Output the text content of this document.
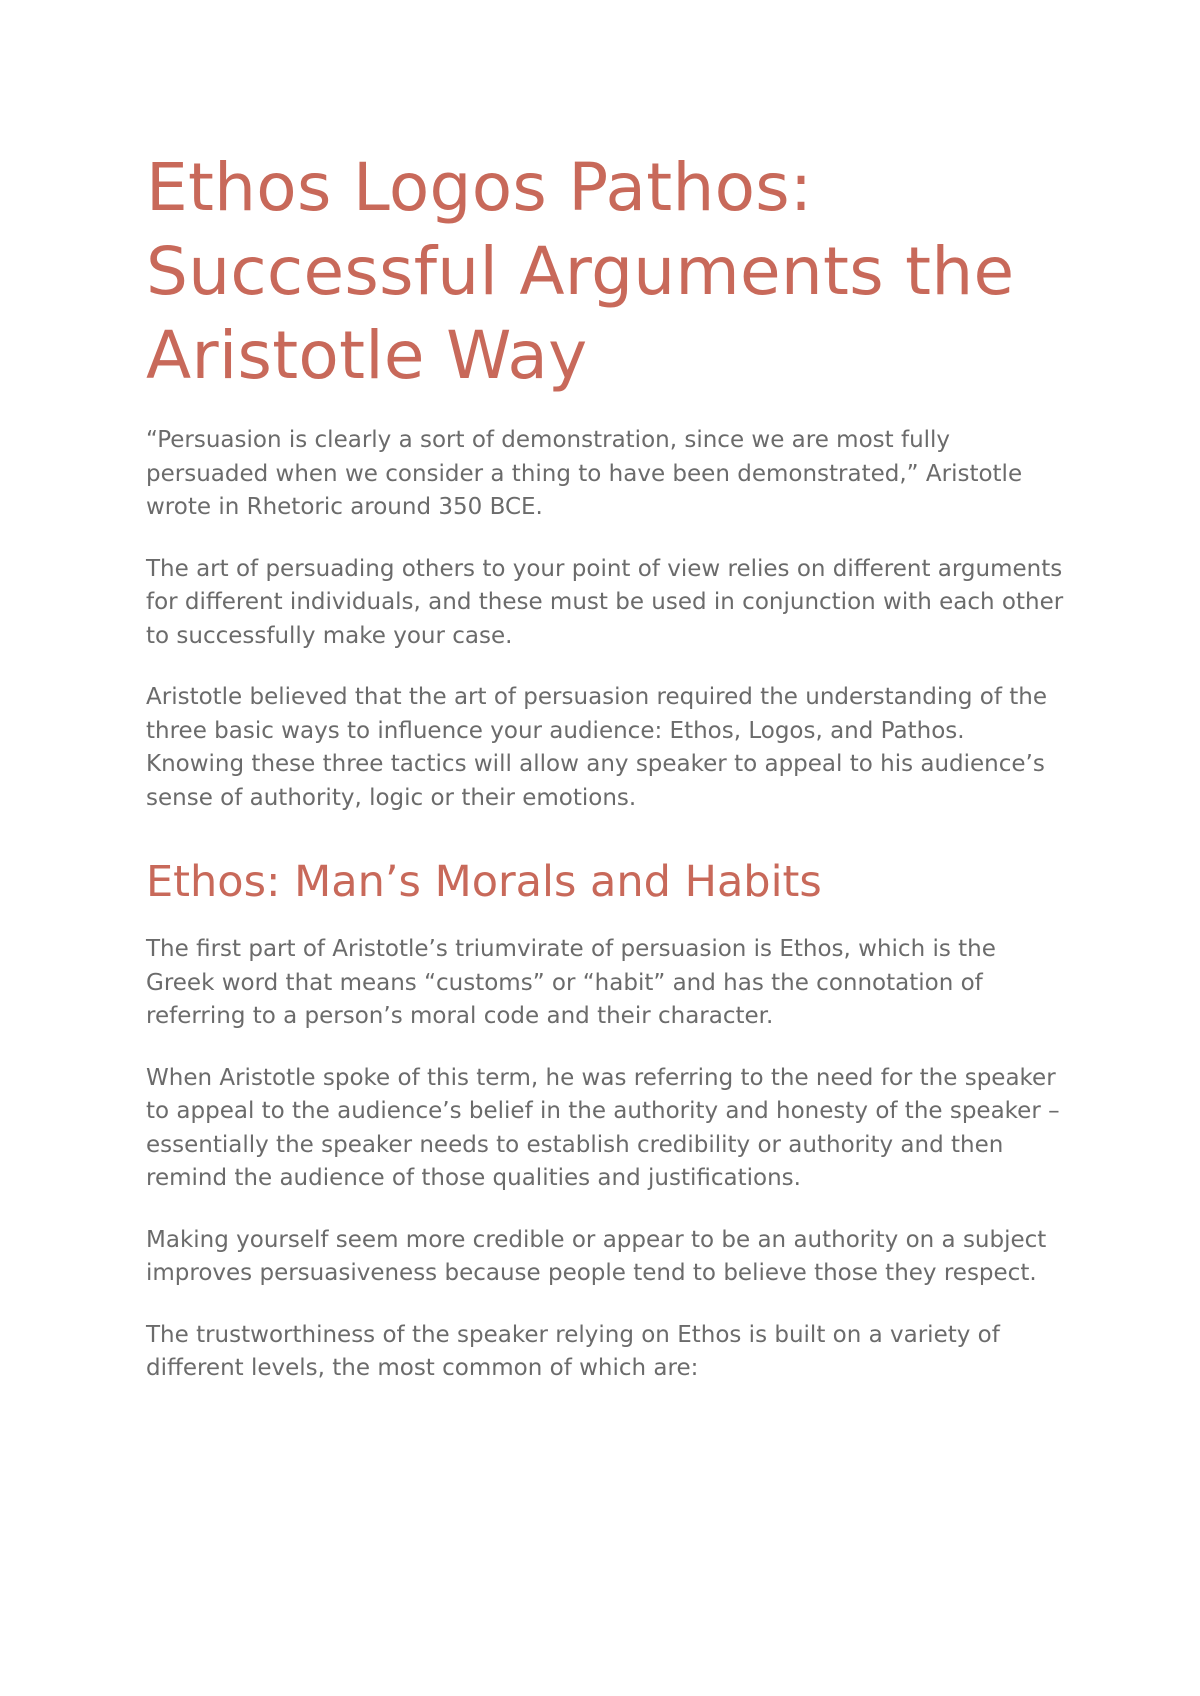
Ethos Logos Pathos: Successful Arguments the Aristotle Way

“Persuasion is clearly a sort of demonstration, since we are most fully persuaded when we consider a thing to have been demonstrated,” Aristotle wrote in Rhetoric around 350 BCE.

The art of persuading others to your point of view relies on different arguments for different individuals, and these must be used in conjunction with each other to successfully make your case.

Aristotle believed that the art of persuasion required the understanding of the three basic ways to influence your audience: Ethos, Logos, and Pathos. Knowing these three tactics will allow any speaker to appeal to his audience’s sense of authority, logic or their emotions.

Ethos: Man’s Morals and Habits

The first part of Aristotle’s triumvirate of persuasion is Ethos, which is the Greek word that means “customs” or “habit” and has the connotation of referring to a person’s moral code and their character.

When Aristotle spoke of this term, he was referring to the need for the speaker to appeal to the audience’s belief in the authority and honesty of the speaker – essentially the speaker needs to establish credibility or authority and then remind the audience of those qualities and justifications.

Making yourself seem more credible or appear to be an authority on a subject improves persuasiveness because people tend to believe those they respect.

The trustworthiness of the speaker relying on Ethos is built on a variety of different levels, the most common of which are:
